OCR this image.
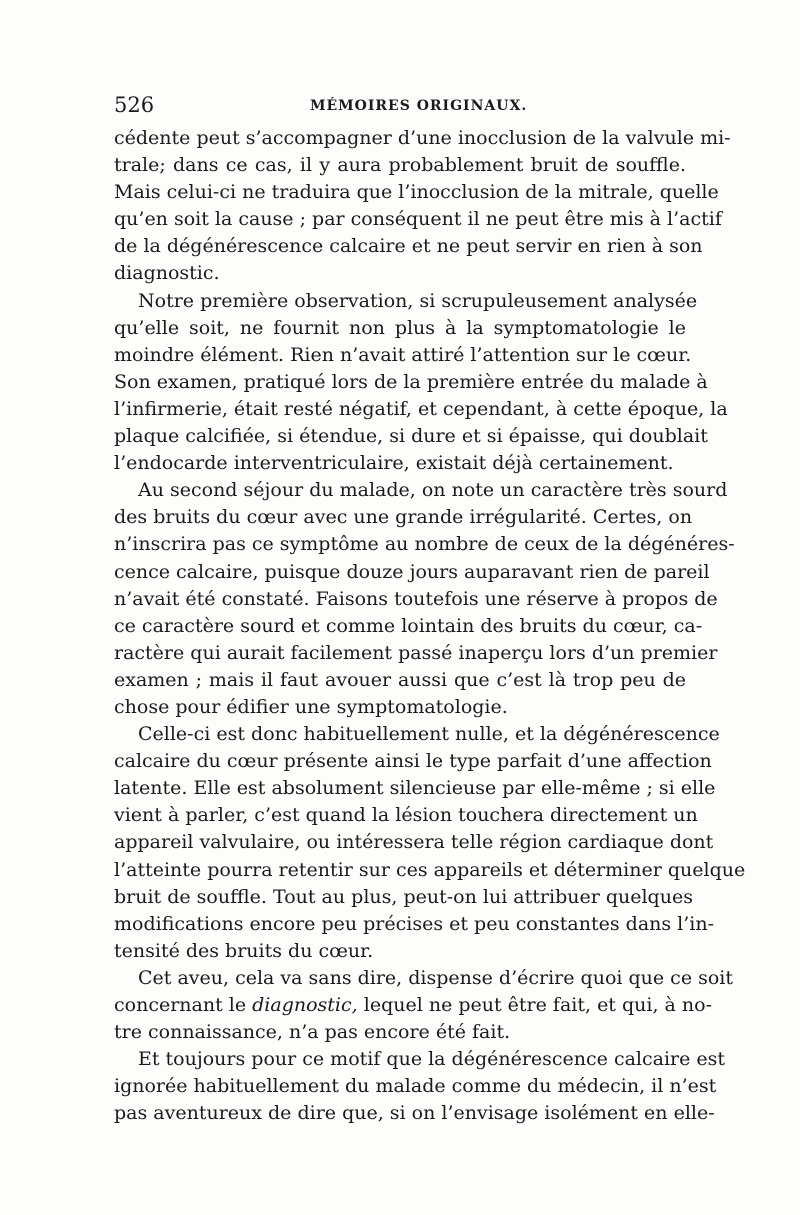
526	MÉMOIRES ORIGINAUX.
cédente peut s’accompagner d’une inocclusion de la valvule mi-
trale; dans ce cas, il y aura probablement bruit de souffle.
Mais celui-ci ne traduira que l’inocclusion de la mitrale, quelle
qu’en soit la cause ; par conséquent il ne peut être mis à l’actif
de la dégénérescence calcaire et ne peut servir en rien à son
diagnostic.
Notre première observation, si scrupuleusement analysée
qu’elle soit, ne fournit non plus à la symptomatologie le
moindre élément. Rien n’avait attiré l’attention sur le cœur.
Son examen, pratiqué lors de la première entrée du malade à
l’infirmerie, était resté négatif, et cependant, à cette époque, la
plaque calcifiée, si étendue, si dure et si épaisse, qui doublait
l’endocarde interventriculaire, existait déjà certainement.
Au second séjour du malade, on note un caractère très sourd
des bruits du cœur avec une grande irrégularité. Certes, on
n’inscrira pas ce symptôme au nombre de ceux de la dégénéres-
cence calcaire, puisque douze jours auparavant rien de pareil
n’avait été constaté. Faisons toutefois une réserve à propos de
ce caractère sourd et comme lointain des bruits du cœur, ca-
ractère qui aurait facilement passé inaperçu lors d’un premier
examen ; mais il faut avouer aussi que c’est là trop peu de
chose pour édifier une symptomatologie.
Celle-ci est donc habituellement nulle, et la dégénérescence
calcaire du cœur présente ainsi le type parfait d’une affection
latente. Elle est absolument silencieuse par elle-même ; si elle
vient à parler, c’est quand la lésion touchera directement un
appareil valvulaire, ou intéressera telle région cardiaque dont
l’atteinte pourra retentir sur ces appareils et déterminer quelque
bruit de souffle. Tout au plus, peut-on lui attribuer quelques
modifications encore peu précises et peu constantes dans l’in-
tensité des bruits du cœur.
Cet aveu, cela va sans dire, dispense d’écrire quoi que ce soit
concernant le diagnostic, lequel ne peut être fait, et qui, à no-
tre connaissance, n’a pas encore été fait.
Et toujours pour ce motif que la dégénérescence calcaire est
ignorée habituellement du malade comme du médecin, il n’est
pas aventureux de dire que, si on l’envisage isolément en elle-
